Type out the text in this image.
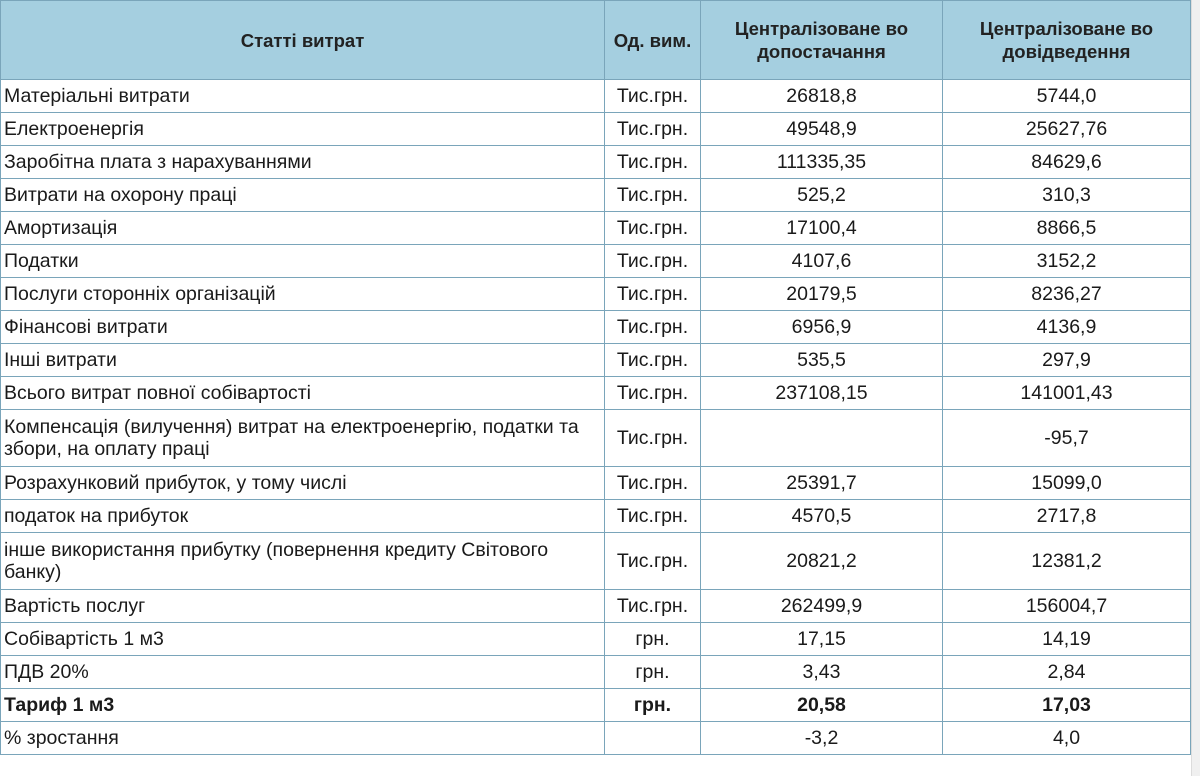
Статті витрат	Од. вим.	Централізоване во допостачання	Централізоване во довідведення
Матеріальні витрати	Тис.грн.	26818,8	5744,0
Електроенергія	Тис.грн.	49548,9	25627,76
Заробітна плата з нарахуваннями	Тис.грн.	111335,35	84629,6
Витрати на охорону праці	Тис.грн.	525,2	310,3
Амортизація	Тис.грн.	17100,4	8866,5
Податки	Тис.грн.	4107,6	3152,2
Послуги сторонніх організацій	Тис.грн.	20179,5	8236,27
Фінансові витрати	Тис.грн.	6956,9	4136,9
Інші витрати	Тис.грн.	535,5	297,9
Всього витрат повної собівартості	Тис.грн.	237108,15	141001,43
Компенсація (вилучення) витрат на електроенергію, податки та збори, на оплату праці	Тис.грн.		-95,7
Розрахунковий прибуток, у тому числі	Тис.грн.	25391,7	15099,0
податок на прибуток	Тис.грн.	4570,5	2717,8
інше використання прибутку (повернення кредиту Світового банку)	Тис.грн.	20821,2	12381,2
Вартість послуг	Тис.грн.	262499,9	156004,7
Собівартість 1 м3	грн.	17,15	14,19
ПДВ 20%	грн.	3,43	2,84
Тариф 1 м3	грн.	20,58	17,03
% зростання		-3,2	4,0
